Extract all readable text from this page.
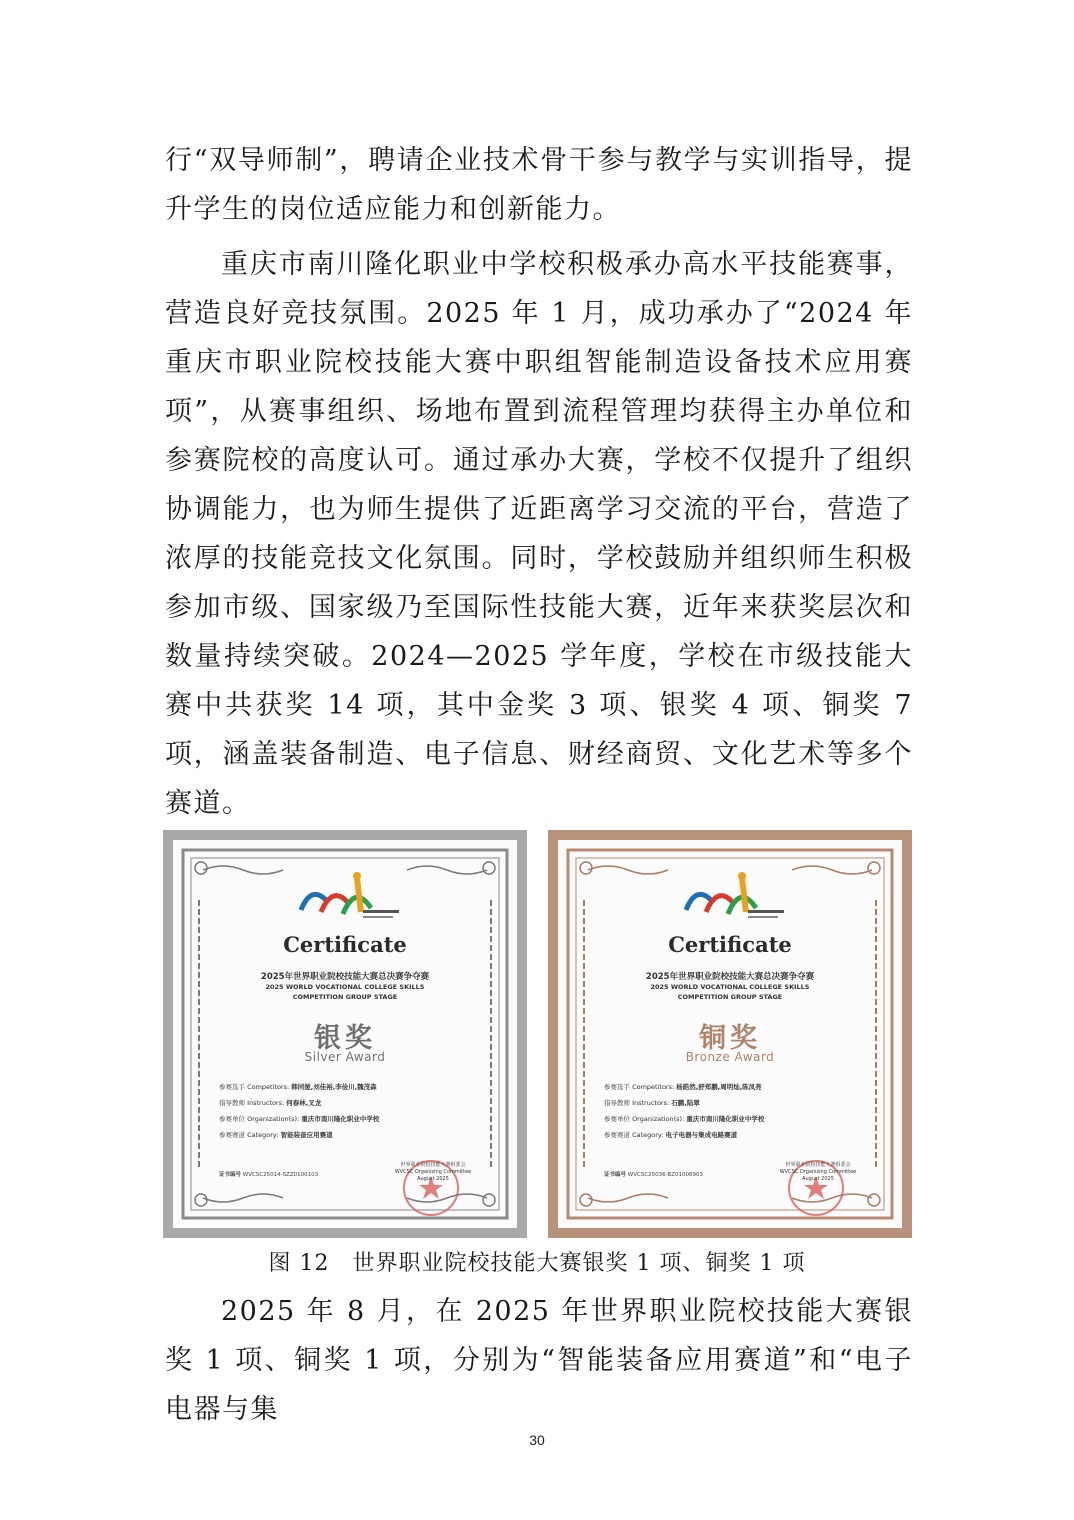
行“双导师制”，聘请企业技术骨干参与教学与实训指导，提升学生的岗位适应能力和创新能力。

重庆市南川隆化职业中学校积极承办高水平技能赛事，营造良好竞技氛围。2025 年 1 月，成功承办了“2024 年重庆市职业院校技能大赛中职组智能制造设备技术应用赛项”，从赛事组织、场地布置到流程管理均获得主办单位和参赛院校的高度认可。通过承办大赛，学校不仅提升了组织协调能力，也为师生提供了近距离学习交流的平台，营造了浓厚的技能竞技文化氛围。同时，学校鼓励并组织师生积极参加市级、国家级乃至国际性技能大赛，近年来获奖层次和数量持续突破。2024—2025 学年度，学校在市级技能大赛中共获奖 14 项，其中金奖 3 项、银奖 4 项、铜奖 7 项，涵盖装备制造、电子信息、财经商贸、文化艺术等多个赛道。

Certificate
2025年世界职业院校技能大赛总决赛争夺赛
2025 WORLD VOCATIONAL COLLEGE SKILLS
COMPETITION GROUP STAGE
银奖
Silver Award
参赛选手 Competitors: 韩同娅,刘佳裕,李俭川,魏茂森
指导教师 Instructors: 何春林,叉龙
参赛单位 Organization(s): 重庆市南川隆化职业中学校
参赛赛道 Category: 智能装备应用赛道
证书编号 WVCSC25014-SZZ0100103
世界职业院校技能大赛组委会 WVCSC Organizing Committee
August 2025
Certificate
2025年世界职业院校技能大赛总决赛争夺赛
2025 WORLD VOCATIONAL COLLEGE SKILLS
COMPETITION GROUP STAGE
铜奖
Bronze Award
参赛选手 Competitors: 杨皓然,舒郑鹏,周明灿,陈凤亮
指导教师 Instructors: 石鹏,陆翠
参赛单位 Organization(s): 重庆市南川隆化职业中学校
参赛赛道 Category: 电子电器与集成电路赛道
证书编号 WVCSC25036-BZ01006903
世界职业院校技能大赛组委会 WVCSC Organizing Committee
August 2025
图 12　世界职业院校技能大赛银奖 1 项、铜奖 1 项

2025 年 8 月，在 2025 年世界职业院校技能大赛银奖 1 项、铜奖 1 项，分别为“智能装备应用赛道”和“电子电器与集

30
